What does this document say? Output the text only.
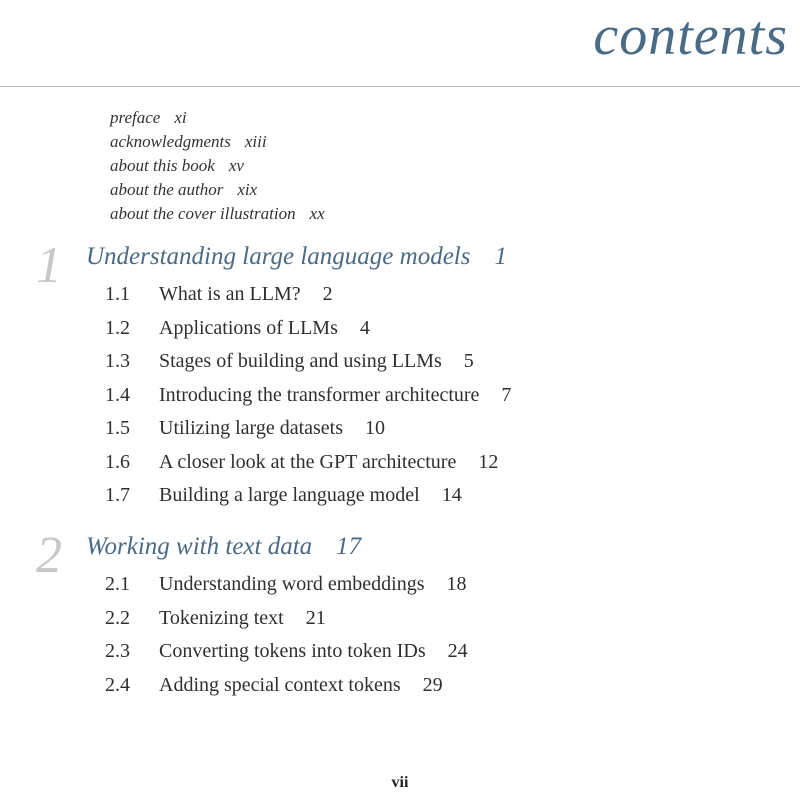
contents
preface xi
acknowledgments xiii
about this book xv
about the author xix
about the cover illustration xx
1 Understanding large language models 1
1.1 What is an LLM? 2
1.2 Applications of LLMs 4
1.3 Stages of building and using LLMs 5
1.4 Introducing the transformer architecture 7
1.5 Utilizing large datasets 10
1.6 A closer look at the GPT architecture 12
1.7 Building a large language model 14
2 Working with text data 17
2.1 Understanding word embeddings 18
2.2 Tokenizing text 21
2.3 Converting tokens into token IDs 24
2.4 Adding special context tokens 29
vii
